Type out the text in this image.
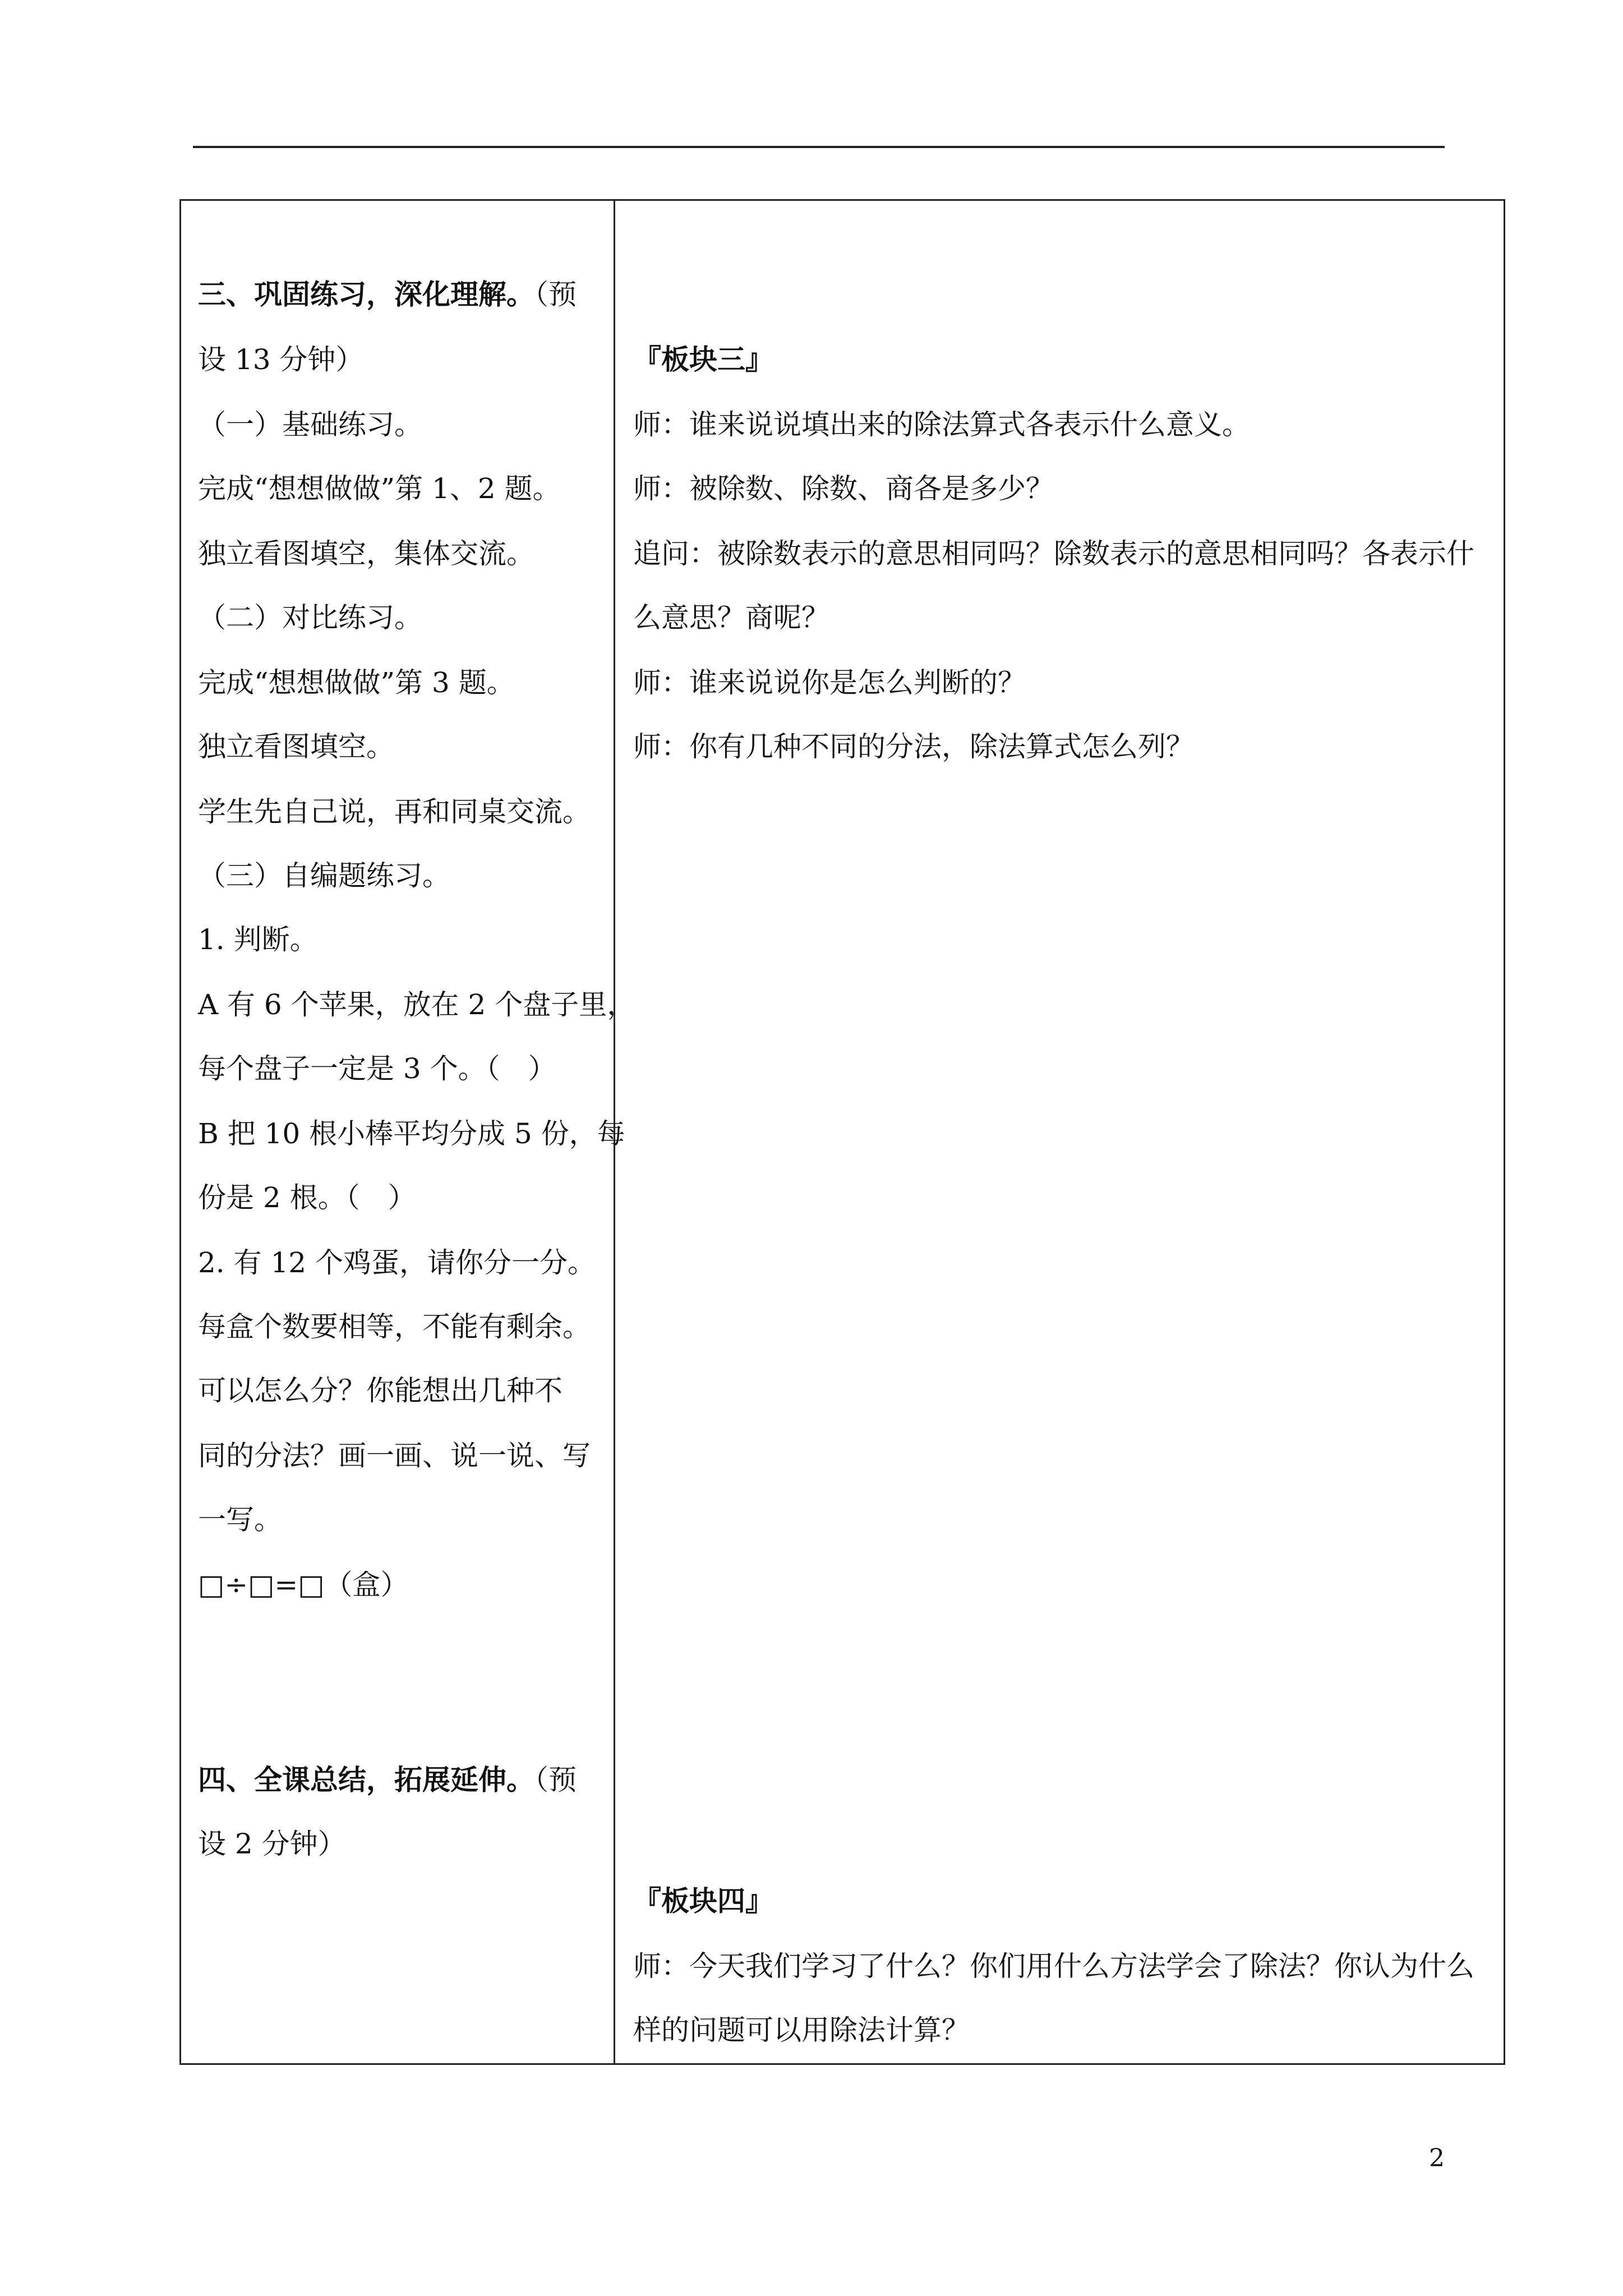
三、巩固练习，深化理解。（预
设 13 分钟）
（一）基础练习。
完成“想想做做”第 1、2 题。
独立看图填空，集体交流。
（二）对比练习。
完成“想想做做”第 3 题。
独立看图填空。
学生先自己说，再和同桌交流。
（三）自编题练习。
1. 判断。
A 有 6 个苹果，放在 2 个盘子里，
每个盘子一定是 3 个。（　）
B 把 10 根小棒平均分成 5 份，每
份是 2 根。（　）
2. 有 12 个鸡蛋，请你分一分。
每盒个数要相等，不能有剩余。
可以怎么分？你能想出几种不
同的分法？画一画、说一说、写
一写。
□÷□=□（盒）
四、全课总结，拓展延伸。（预
设 2 分钟）
『板块三』
师：谁来说说填出来的除法算式各表示什么意义。
师：被除数、除数、商各是多少？
追问：被除数表示的意思相同吗？除数表示的意思相同吗？各表示什
么意思？商呢？
师：谁来说说你是怎么判断的？
师：你有几种不同的分法，除法算式怎么列？
『板块四』
师：今天我们学习了什么？你们用什么方法学会了除法？你认为什么
样的问题可以用除法计算？
2
